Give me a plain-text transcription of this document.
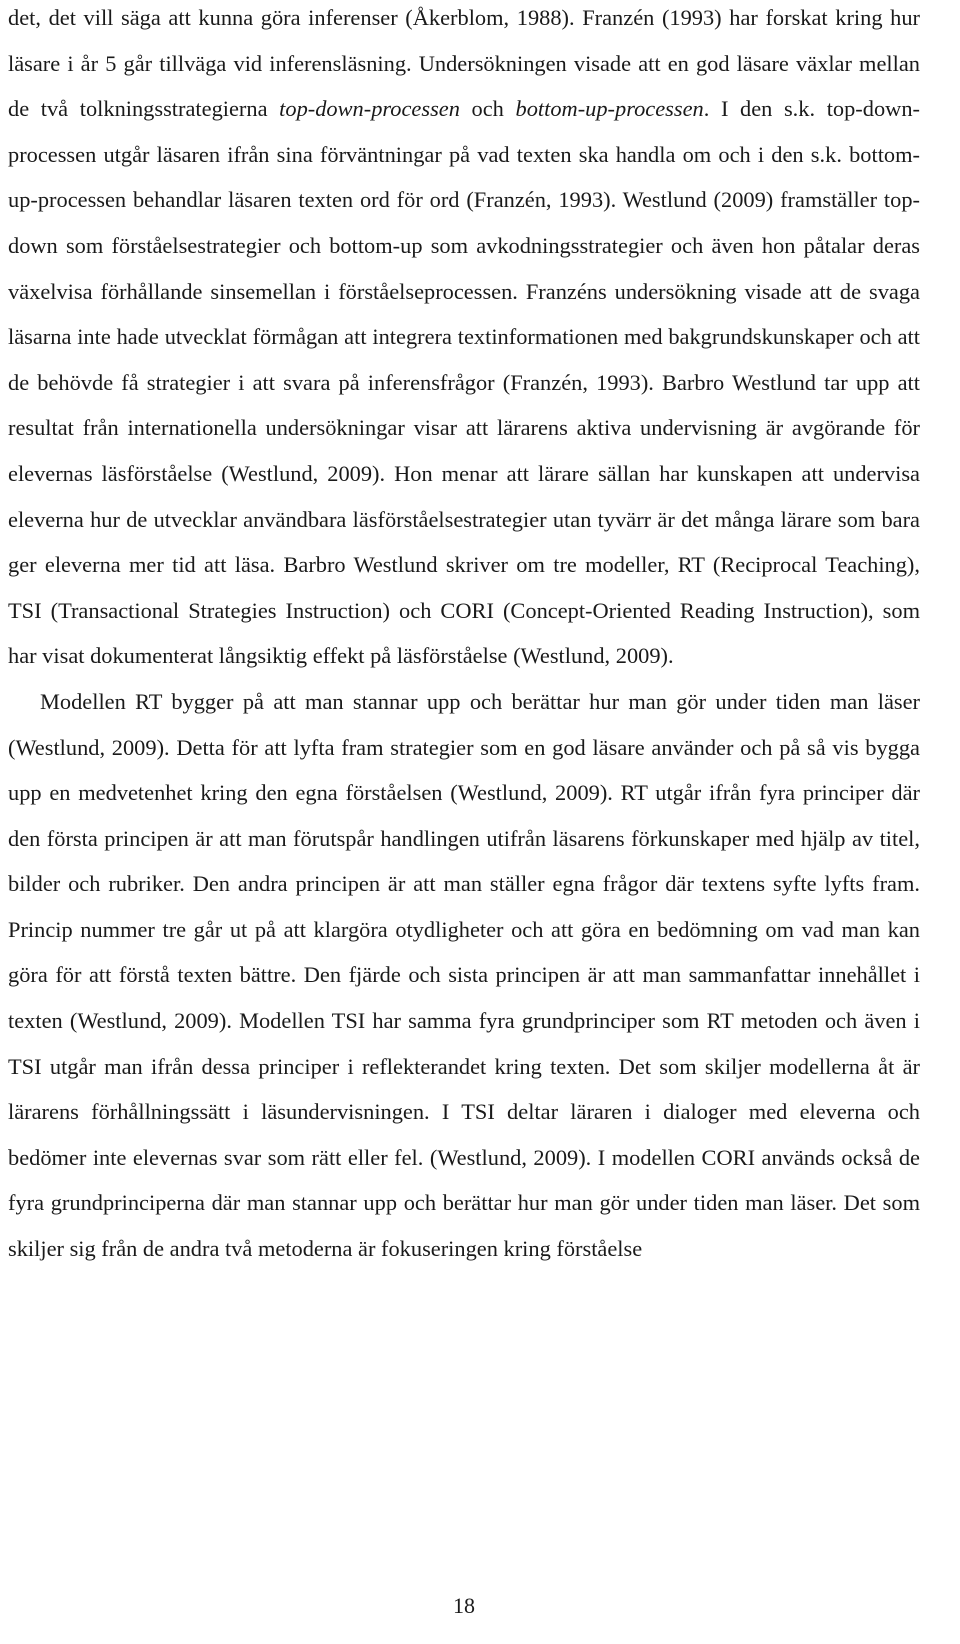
det, det vill säga att kunna göra inferenser (Åkerblom, 1988). Franzén (1993) har forskat kring hur läsare i år 5 går tillväga vid inferensläsning. Undersökningen visade att en god läsare växlar mellan de två tolkningsstrategierna top-down-processen och bottom-up-processen. I den s.k. top-down-processen utgår läsaren ifrån sina förväntningar på vad texten ska handla om och i den s.k. bottom-up-processen behandlar läsaren texten ord för ord (Franzén, 1993). Westlund (2009) framställer top-down som förståelsestrategier och bottom-up som avkodningsstrategier och även hon påtalar deras växelvisa förhållande sinsemellan i förståelseprocessen. Franzéns undersökning visade att de svaga läsarna inte hade utvecklat förmågan att integrera textinformationen med bakgrundskunskaper och att de behövde få strategier i att svara på inferensfrågor (Franzén, 1993). Barbro Westlund tar upp att resultat från internationella undersökningar visar att lärarens aktiva undervisning är avgörande för elevernas läsförståelse (Westlund, 2009). Hon menar att lärare sällan har kunskapen att undervisa eleverna hur de utvecklar användbara läsförståelsestrategier utan tyvärr är det många lärare som bara ger eleverna mer tid att läsa. Barbro Westlund skriver om tre modeller, RT (Reciprocal Teaching), TSI (Transactional Strategies Instruction) och CORI (Concept-Oriented Reading Instruction), som har visat dokumenterat långsiktig effekt på läsförståelse (Westlund, 2009).

Modellen RT bygger på att man stannar upp och berättar hur man gör under tiden man läser (Westlund, 2009). Detta för att lyfta fram strategier som en god läsare använder och på så vis bygga upp en medvetenhet kring den egna förståelsen (Westlund, 2009). RT utgår ifrån fyra principer där den första principen är att man förutspår handlingen utifrån läsarens förkunskaper med hjälp av titel, bilder och rubriker. Den andra principen är att man ställer egna frågor där textens syfte lyfts fram. Princip nummer tre går ut på att klargöra otydligheter och att göra en bedömning om vad man kan göra för att förstå texten bättre. Den fjärde och sista principen är att man sammanfattar innehållet i texten (Westlund, 2009). Modellen TSI har samma fyra grundprinciper som RT metoden och även i TSI utgår man ifrån dessa principer i reflekterandet kring texten. Det som skiljer modellerna åt är lärarens förhållningssätt i läsundervisningen. I TSI deltar läraren i dialoger med eleverna och bedömer inte elevernas svar som rätt eller fel. (Westlund, 2009). I modellen CORI används också de fyra grundprinciperna där man stannar upp och berättar hur man gör under tiden man läser. Det som skiljer sig från de andra två metoderna är fokuseringen kring förståelse

18
